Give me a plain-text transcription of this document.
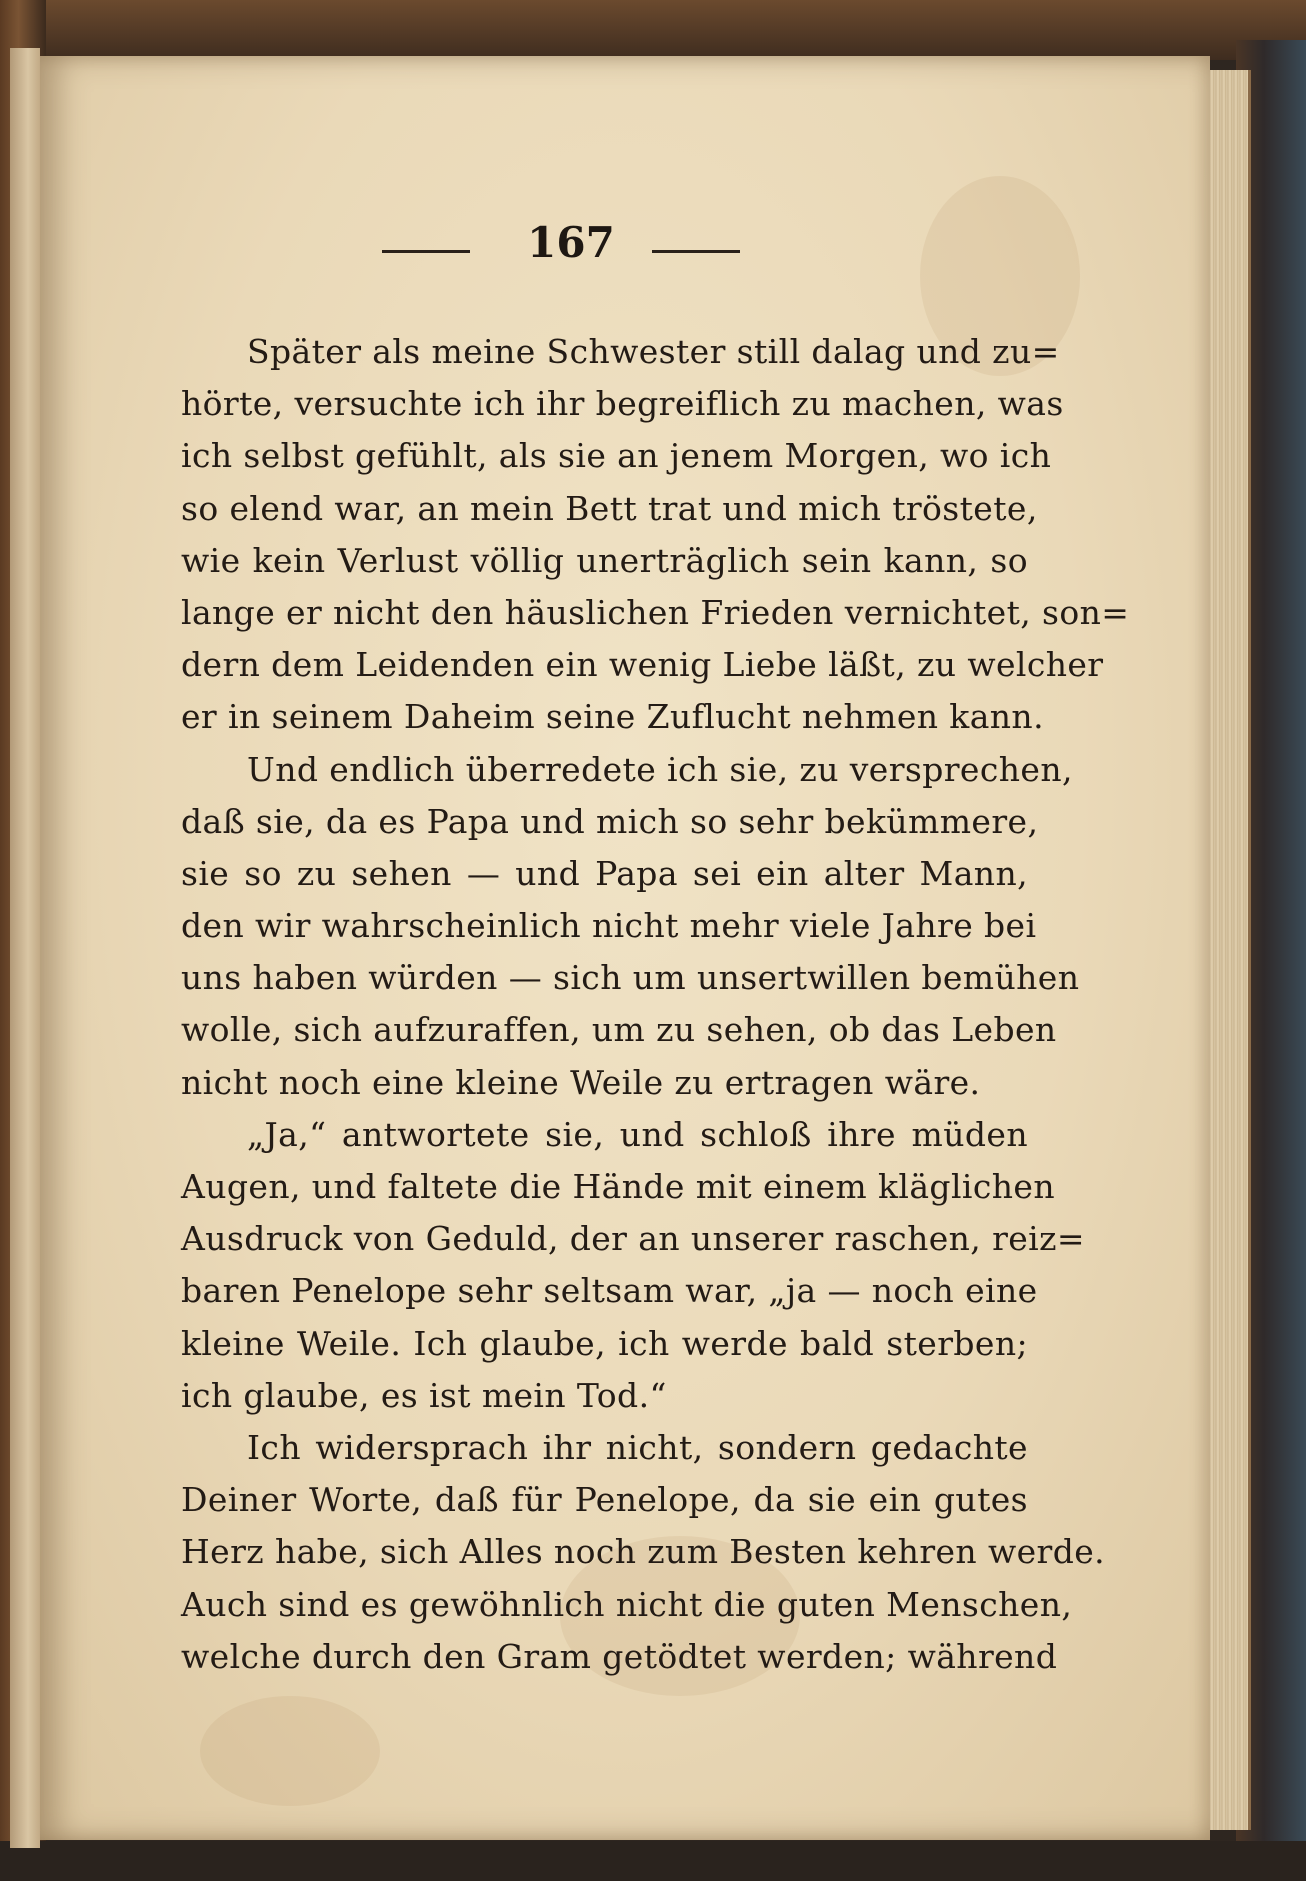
167
Später als meine Schwester still dalag und zu=
hörte, versuchte ich ihr begreiflich zu machen, was
ich selbst gefühlt, als sie an jenem Morgen, wo ich
so elend war, an mein Bett trat und mich tröstete,
wie kein Verlust völlig unerträglich sein kann, so
lange er nicht den häuslichen Frieden vernichtet, son=
dern dem Leidenden ein wenig Liebe läßt, zu welcher
er in seinem Daheim seine Zuflucht nehmen kann.
Und endlich überredete ich sie, zu versprechen,
daß sie, da es Papa und mich so sehr bekümmere,
sie so zu sehen — und Papa sei ein alter Mann,
den wir wahrscheinlich nicht mehr viele Jahre bei
uns haben würden — sich um unsertwillen bemühen
wolle, sich aufzuraffen, um zu sehen, ob das Leben
nicht noch eine kleine Weile zu ertragen wäre.
„Ja,“ antwortete sie, und schloß ihre müden
Augen, und faltete die Hände mit einem kläglichen
Ausdruck von Geduld, der an unserer raschen, reiz=
baren Penelope sehr seltsam war, „ja — noch eine
kleine Weile. Ich glaube, ich werde bald sterben;
ich glaube, es ist mein Tod.“
Ich widersprach ihr nicht, sondern gedachte
Deiner Worte, daß für Penelope, da sie ein gutes
Herz habe, sich Alles noch zum Besten kehren werde.
Auch sind es gewöhnlich nicht die guten Menschen,
welche durch den Gram getödtet werden; während
